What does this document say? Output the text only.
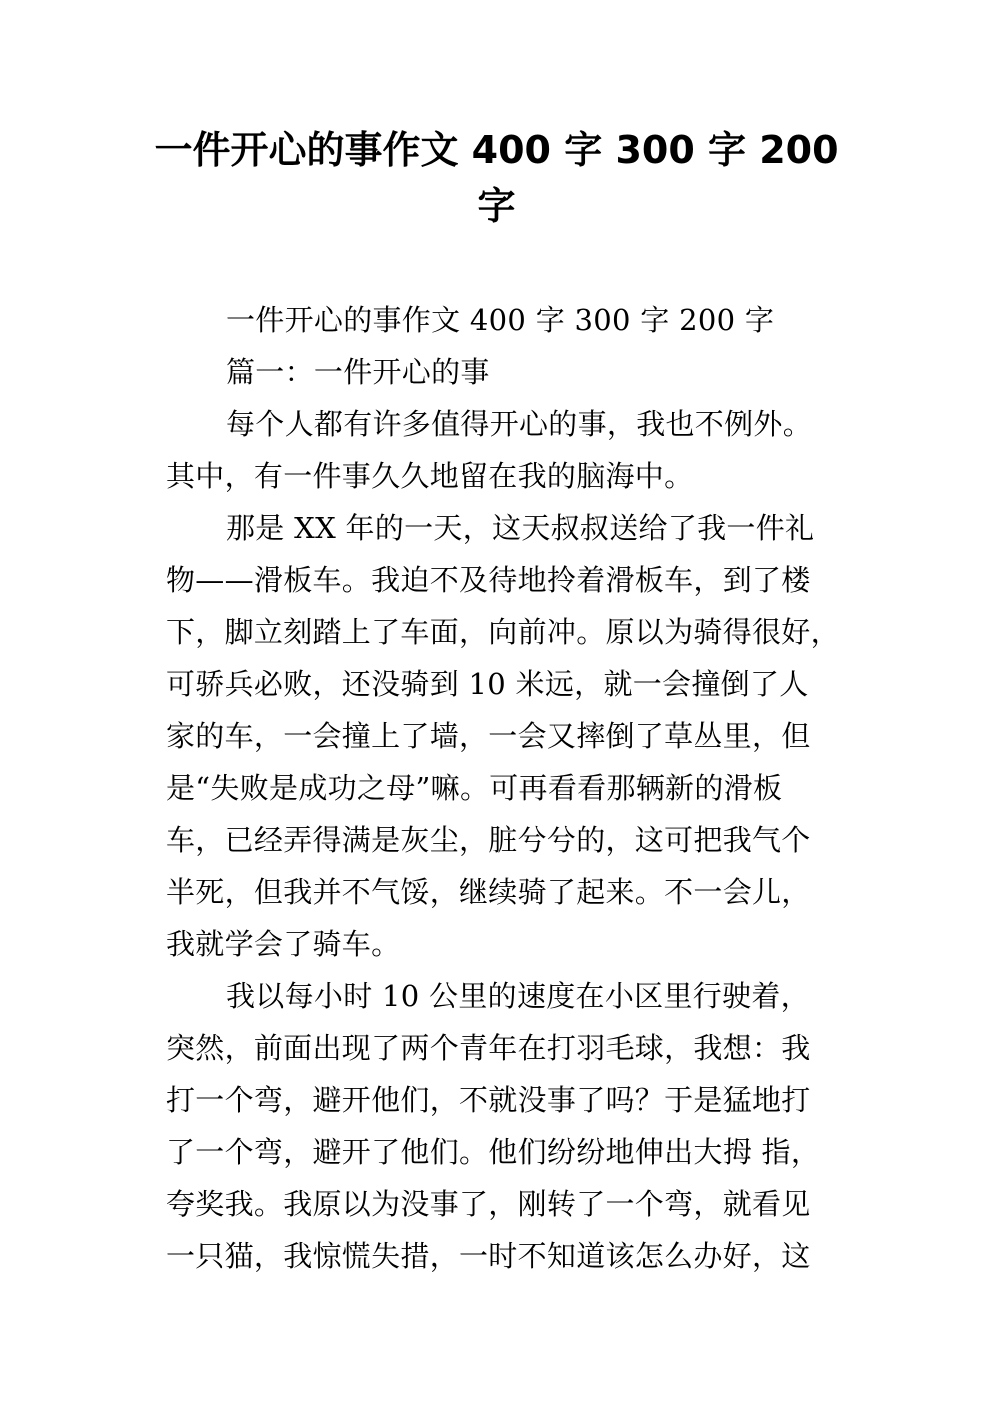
一件开心的事作文 400 字 300 字 200
字
一件开心的事作文 400 字 300 字 200 字
篇一：一件开心的事
每个人都有许多值得开心的事，我也不例外。
其中，有一件事久久地留在我的脑海中。
那是 XX 年的一天，这天叔叔送给了我一件礼
物——滑板车。我迫不及待地拎着滑板车，到了楼
下，脚立刻踏上了车面，向前冲。原以为骑得很好，
可骄兵必败，还没骑到 10 米远，就一会撞倒了人
家的车，一会撞上了墙，一会又摔倒了草丛里，但
是“失败是成功之母”嘛。可再看看那辆新的滑板
车，已经弄得满是灰尘，脏兮兮的，这可把我气个
半死，但我并不气馁，继续骑了起来。不一会儿，
我就学会了骑车。
我以每小时 10 公里的速度在小区里行驶着，
突然，前面出现了两个青年在打羽毛球，我想：我
打一个弯，避开他们，不就没事了吗？于是猛地打
了一个弯，避开了他们。他们纷纷地伸出大拇 指，
夸奖我。我原以为没事了，刚转了一个弯，就看见
一只猫，我惊慌失措，一时不知道该怎么办好，这
